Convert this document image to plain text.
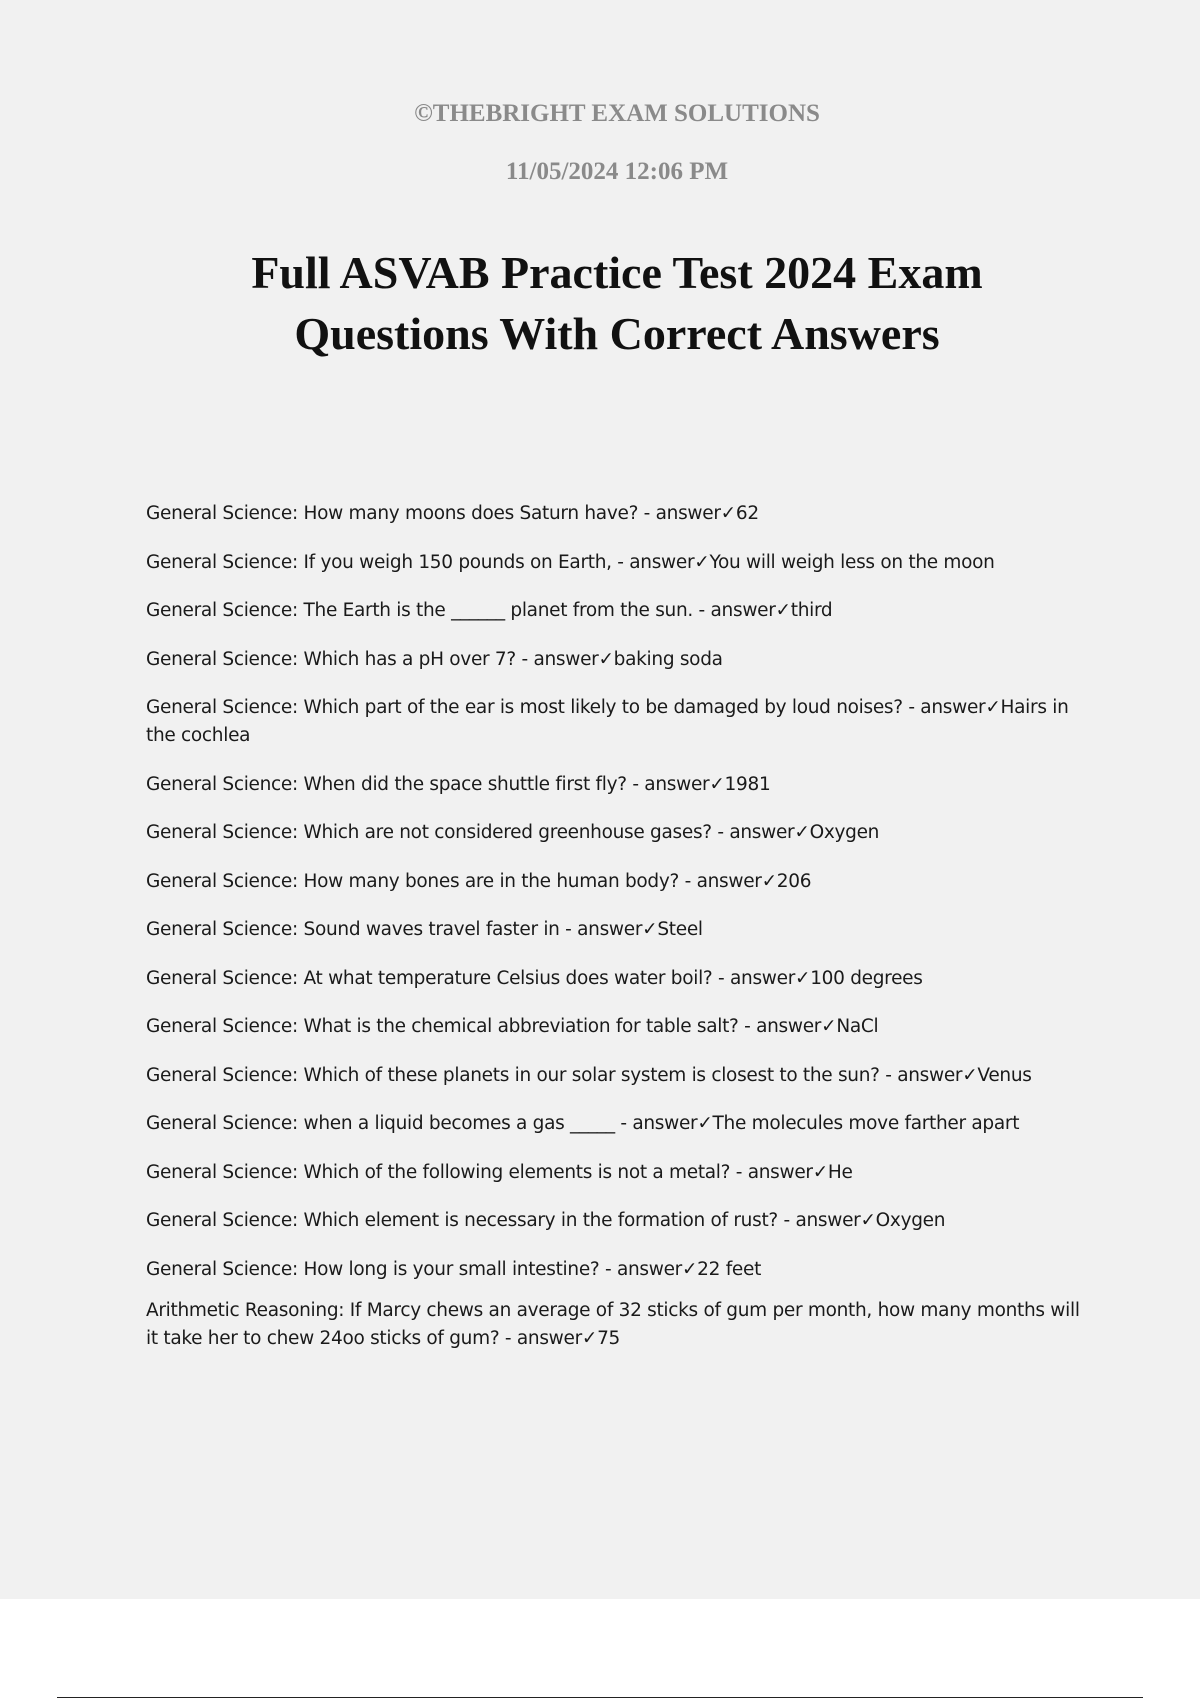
©THEBRIGHT EXAM SOLUTIONS
11/05/2024 12:06 PM
Full ASVAB Practice Test 2024 Exam
Questions With Correct Answers
General Science: How many moons does Saturn have? - answer✓62
General Science: If you weigh 150 pounds on Earth, - answer✓You will weigh less on the moon
General Science: The Earth is the ______ planet from the sun. - answer✓third
General Science: Which has a pH over 7? - answer✓baking soda
General Science: Which part of the ear is most likely to be damaged by loud noises? - answer✓Hairs in the cochlea
General Science: When did the space shuttle first fly? - answer✓1981
General Science: Which are not considered greenhouse gases? - answer✓Oxygen
General Science: How many bones are in the human body? - answer✓206
General Science: Sound waves travel faster in - answer✓Steel
General Science: At what temperature Celsius does water boil? - answer✓100 degrees
General Science: What is the chemical abbreviation for table salt? - answer✓NaCl
General Science: Which of these planets in our solar system is closest to the sun? - answer✓Venus
General Science: when a liquid becomes a gas _____ - answer✓The molecules move farther apart
General Science: Which of the following elements is not a metal? - answer✓He
General Science: Which element is necessary in the formation of rust? - answer✓Oxygen
General Science: How long is your small intestine? - answer✓22 feet
Arithmetic Reasoning: If Marcy chews an average of 32 sticks of gum per month, how many months will it take her to chew 24oo sticks of gum? - answer✓75
